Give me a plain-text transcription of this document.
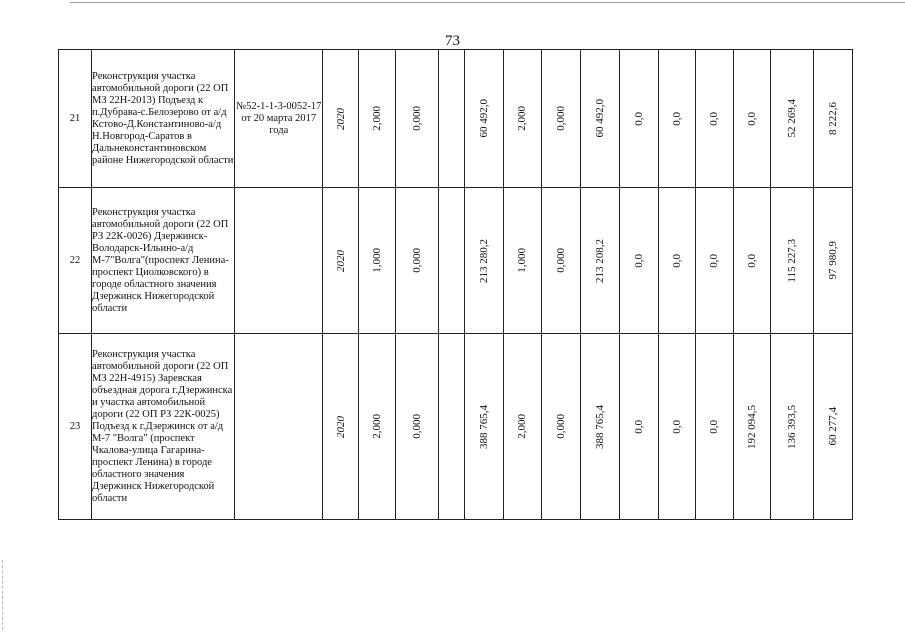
73
21	Реконструкция участка автомобильной дороги (22 ОП МЗ 22Н-2013) Подъезд к п.Дубрава-с.Белозерово от а/д Кстово-Д.Константиново-а/д Н.Новгород-Саратов в Дальнеконстантиновском районе Нижегородской области	№52-1-1-3-0052-17 от 20 марта 2017 года	2020	2,000	0,000		60 492,0	2,000	0,000	60 492,0	0,0	0,0	0,0	0,0	52 269,4	8 222,6

22	Реконструкция участка автомобильной дороги (22 ОП РЗ 22К-0026) Дзержинск-Володарск-Ильино-а/д М-7"Волга"(проспект Ленина-проспект Циолковского) в городе областного значения Дзержинск Нижегородской области		2020	1,000	0,000		213 280,2	1,000	0,000	213 208,2	0,0	0,0	0,0	0,0	115 227,3	97 980,9

23	Реконструкция участка автомобильной дороги (22 ОП МЗ 22Н-4915) Заревская объездная дорога г.Дзержинска и участка автомобильной дороги (22 ОП РЗ 22К-0025) Подъезд к г.Дзержинск от а/д М-7 "Волга" (проспект Чкалова-улица Гагарина-проспект Ленина) в городе областного значения Дзержинск Нижегородской области		2020	2,000	0,000		388 765,4	2,000	0,000	388 765,4	0,0	0,0	0,0	192 094,5	136 393,5	60 277,4
